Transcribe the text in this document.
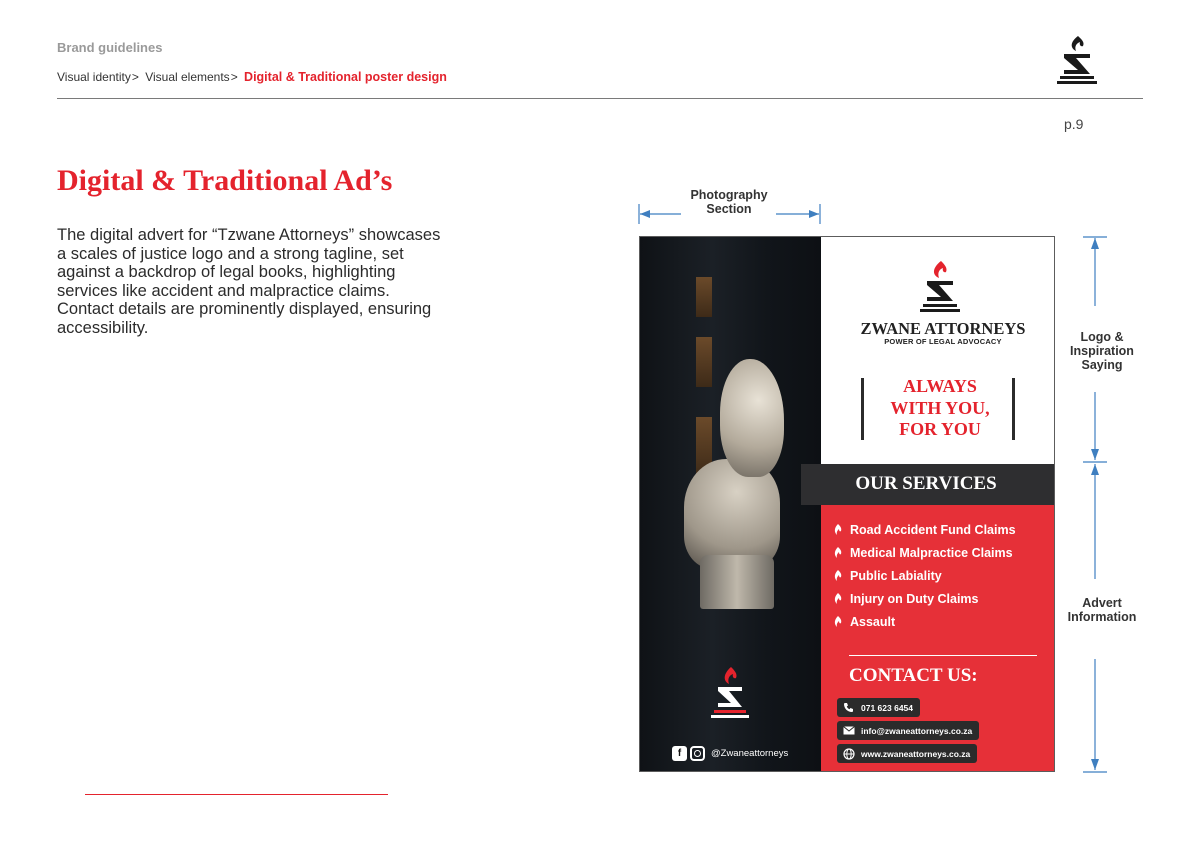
Brand guidelines
Visual identity> Visual elements> Digital & Traditional poster design
p.9
Digital & Traditional Ad’s
The digital advert for “Tzwane Attorneys” showcases a scales of justice logo and a strong tagline, set against a backdrop of legal books, highlighting services like accident and malpractice claims. Contact details are prominently displayed, ensuring accessibility.
Photography
Section
Logo &
Inspiration
Saying
Advert
Information
f	@Zwaneattorneys
ZWANE ATTORNEYS
POWER OF LEGAL ADVOCACY
ALWAYS
WITH YOU,
FOR YOU
OUR SERVICES
Road Accident Fund Claims
Medical Malpractice Claims
Public Labiality
Injury on Duty Claims
Assault
CONTACT US:
071 623 6454
info@zwaneattorneys.co.za
www.zwaneattorneys.co.za
